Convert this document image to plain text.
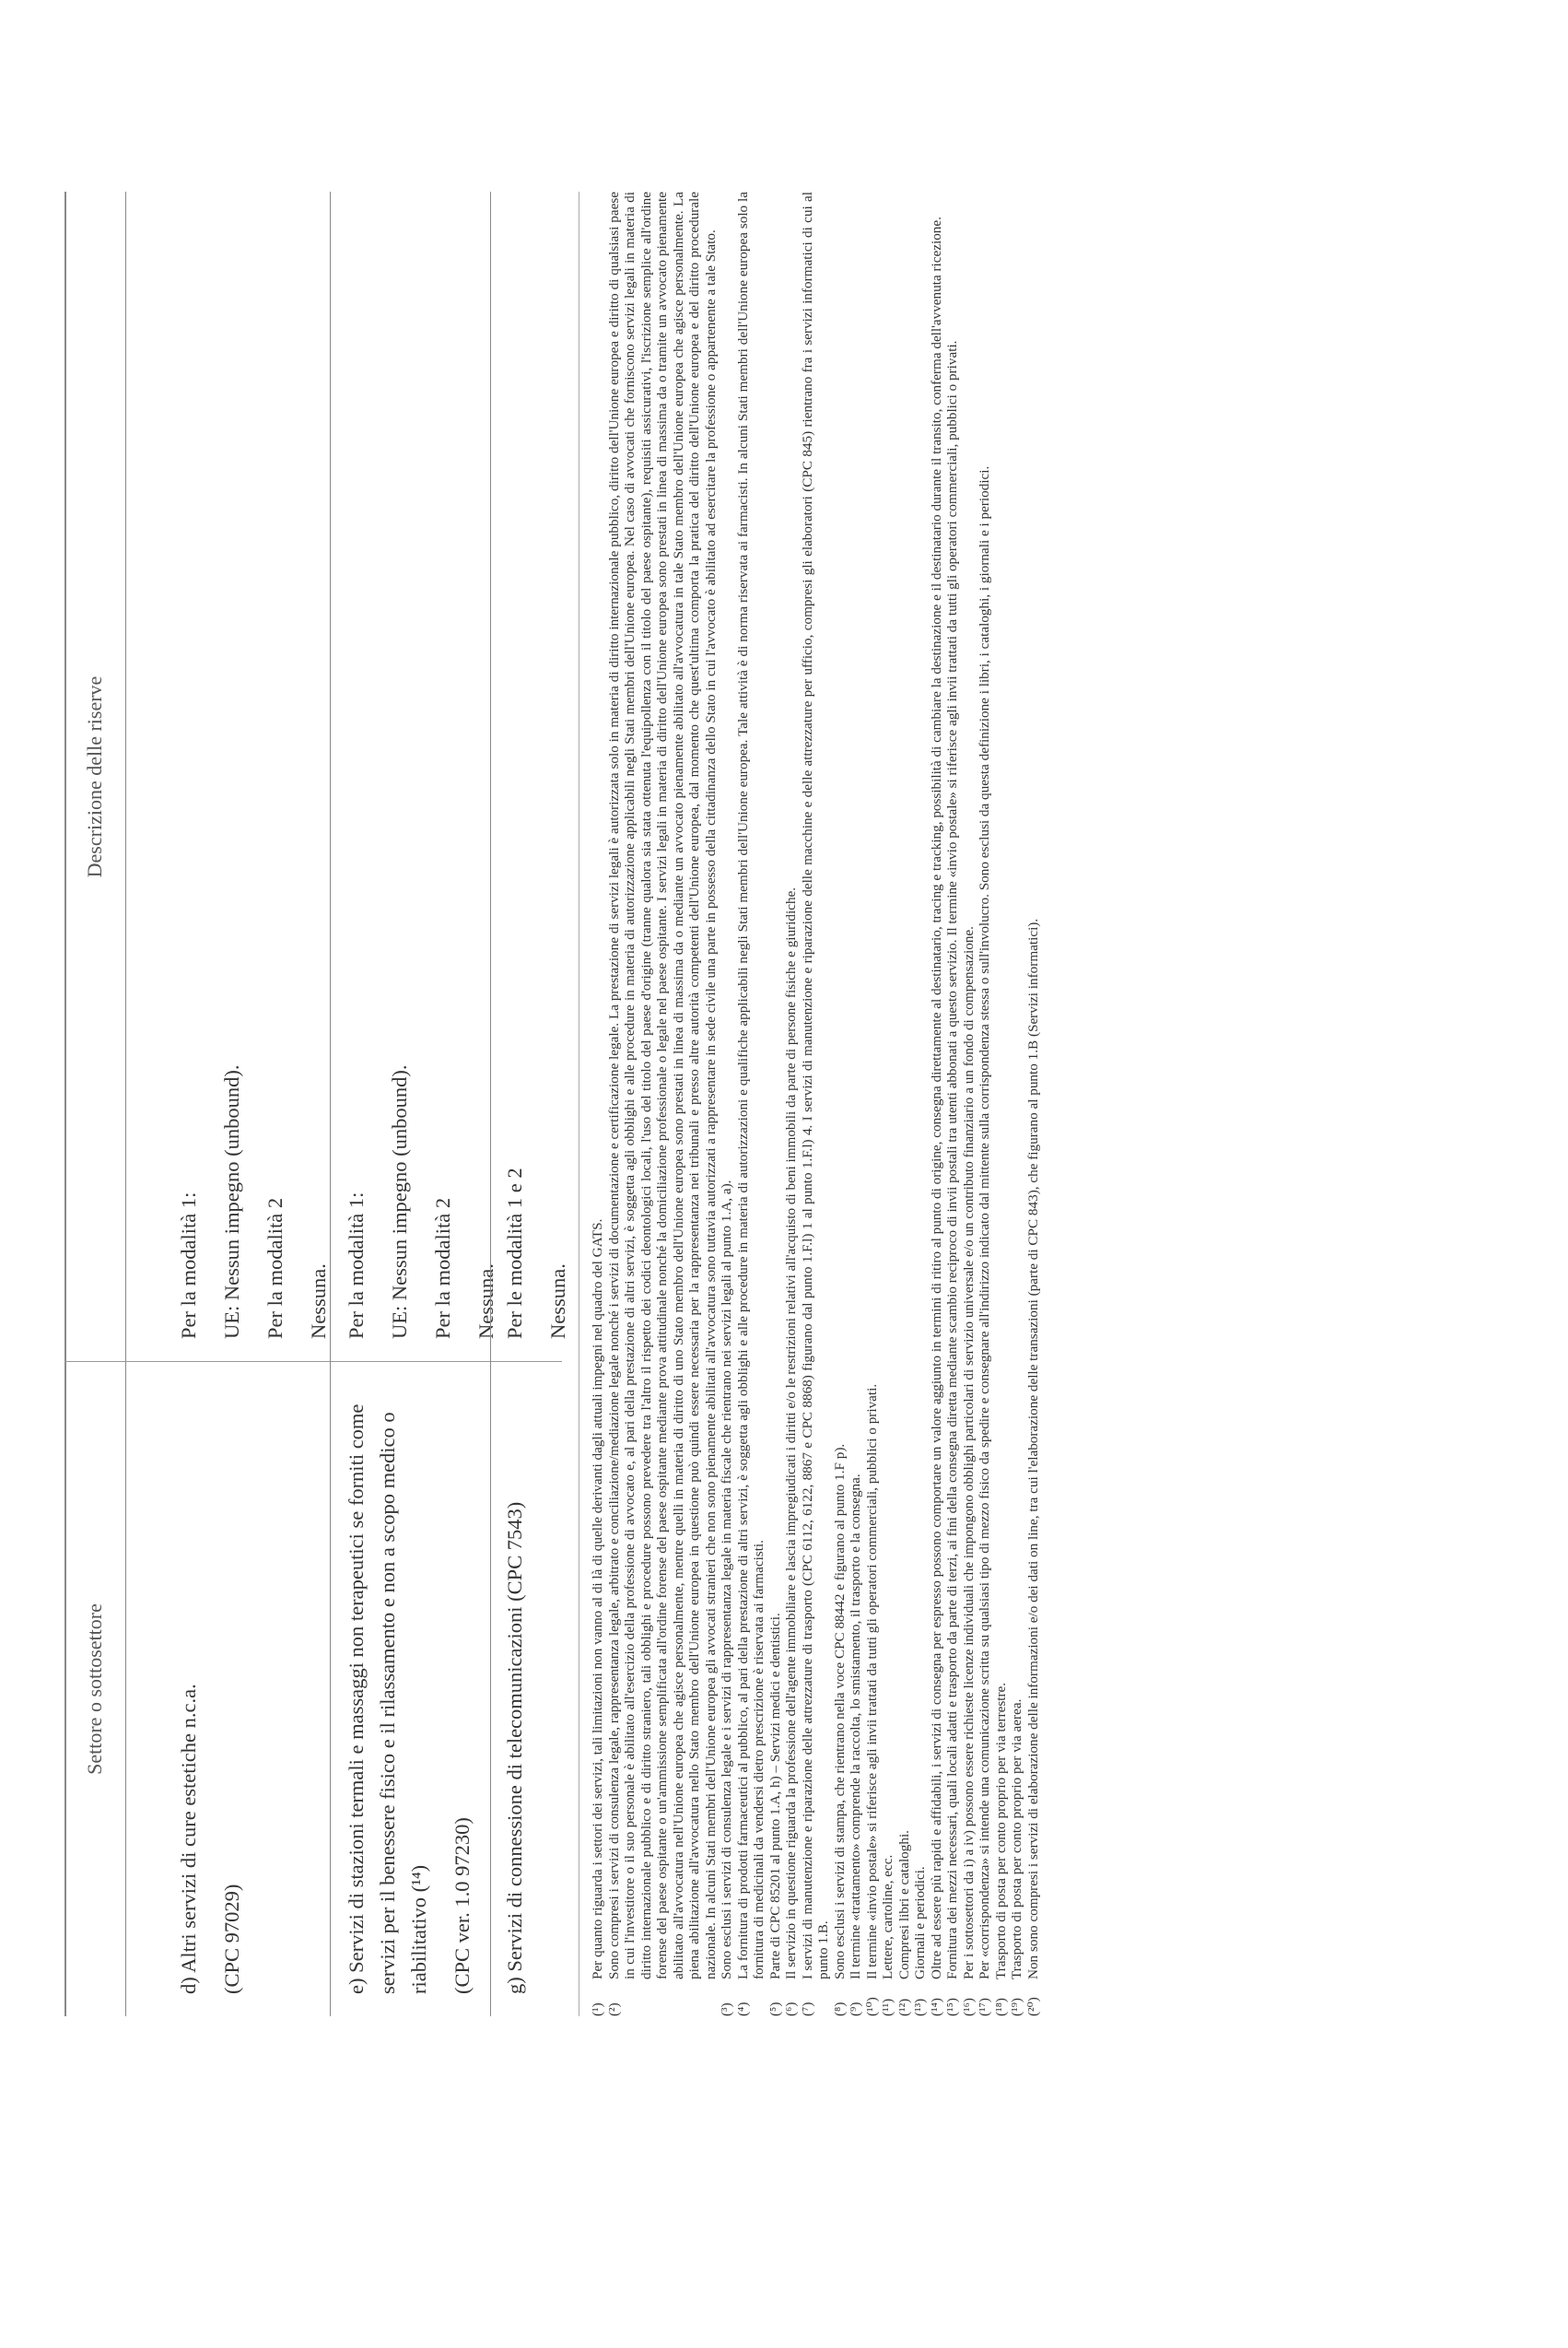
Settore o sottosettore
Descrizione delle riserve

d) Altri servizi di cure estetiche n.c.a. (CPC 97029)

Per la modalità 1: UE: Nessun impegno (unbound). Per la modalità 2 Nessuna.

e) Servizi di stazioni termali e massaggi non terapeutici se forniti come servizi per il benessere fisico e il rilassamento e non a scopo medico o riabilitativo (¹⁴) (CPC ver. 1.0 97230)

Per la modalità 1: UE: Nessun impegno (unbound). Per la modalità 2 Nessuna.

g) Servizi di connessione di telecomunicazioni (CPC 7543)

Per le modalità 1 e 2 Nessuna.

(¹)
Per quanto riguarda i settori dei servizi, tali limitazioni non vanno al di là di quelle derivanti dagli attuali impegni nel quadro del GATS.
(²)
Sono compresi i servizi di consulenza legale, rappresentanza legale, arbitrato e conciliazione/mediazione legale nonché i servizi di documentazione e certificazione legale. La prestazione di servizi legali è autorizzata solo in materia di diritto internazionale pubblico, diritto dell'Unione europea e diritto di qualsiasi paese in cui l'investitore o il suo personale è abilitato all'esercizio della professione di avvocato e, al pari della prestazione di altri servizi, è soggetta agli obblighi e alle procedure in materia di autorizzazione applicabili negli Stati membri dell'Unione europea. Nel caso di avvocati che forniscono servizi legali in materia di diritto internazionale pubblico e di diritto straniero, tali obblighi e procedure possono prevedere tra l'altro il rispetto dei codici deontologici locali, l'uso del titolo del paese d'origine (tranne qualora sia stata ottenuta l'equipollenza con il titolo del paese ospitante), requisiti assicurativi, l'iscrizione semplice all'ordine forense del paese ospitante o un'ammissione semplificata all'ordine forense del paese ospitante mediante prova attitudinale nonché la domiciliazione professionale o legale nel paese ospitante. I servizi legali in materia di diritto dell'Unione europea sono prestati in linea di massima da o tramite un avvocato pienamente abilitato all'avvocatura nell'Unione europea che agisce personalmente, mentre quelli in materia di diritto di uno Stato membro dell'Unione europea sono prestati in linea di massima da o mediante un avvocato pienamente abilitato all'avvocatura in tale Stato membro dell'Unione europea che agisce personalmente. La piena abilitazione all'avvocatura nello Stato membro dell'Unione europea in questione può quindi essere necessaria per la rappresentanza nei tribunali e presso altre autorità competenti dell'Unione europea, dal momento che quest'ultima comporta la pratica del diritto dell'Unione europea e del diritto procedurale nazionale. In alcuni Stati membri dell'Unione europea gli avvocati stranieri che non sono pienamente abilitati all'avvocatura sono tuttavia autorizzati a rappresentare in sede civile una parte in possesso della cittadinanza dello Stato in cui l'avvocato è abilitato ad esercitare la professione o appartenente a tale Stato.
(³)
Sono esclusi i servizi di consulenza legale e i servizi di rappresentanza legale in materia fiscale che rientrano nei servizi legali al punto 1.A, a).
(⁴)
La fornitura di prodotti farmaceutici al pubblico, al pari della prestazione di altri servizi, è soggetta agli obblighi e alle procedure in materia di autorizzazioni e qualifiche applicabili negli Stati membri dell'Unione europea. Tale attività è di norma riservata ai farmacisti. In alcuni Stati membri dell'Unione europea solo la fornitura di medicinali da vendersi dietro prescrizione è riservata ai farmacisti.
(⁵)
Parte di CPC 85201 al punto 1.A, h) – Servizi medici e dentistici.
(⁶)
Il servizio in questione riguarda la professione dell'agente immobiliare e lascia impregiudicati i diritti e/o le restrizioni relativi all'acquisto di beni immobili da parte di persone fisiche e giuridiche.
(⁷)
I servizi di manutenzione e riparazione delle attrezzature di trasporto (CPC 6112, 6122, 8867 e CPC 8868) figurano dal punto 1.F.l) 1 al punto 1.F.l) 4. I servizi di manutenzione e riparazione delle macchine e delle attrezzature per ufficio, compresi gli elaboratori (CPC 845) rientrano fra i servizi informatici di cui al punto 1.B.
(⁸)
Sono esclusi i servizi di stampa, che rientrano nella voce CPC 88442 e figurano al punto 1.F p).
(⁹)
Il termine «trattamento» comprende la raccolta, lo smistamento, il trasporto e la consegna.
(¹⁰)
Il termine «invio postale» si riferisce agli invii trattati da tutti gli operatori commerciali, pubblici o privati.
(¹¹)
Lettere, cartoline, ecc.
(¹²)
Compresi libri e cataloghi.
(¹³)
Giornali e periodici.
(¹⁴)
Oltre ad essere più rapidi e affidabili, i servizi di consegna per espresso possono comportare un valore aggiunto in termini di ritiro al punto di origine, consegna direttamente al destinatario, tracing e tracking, possibilità di cambiare la destinazione e il destinatario durante il transito, conferma dell'avvenuta ricezione.
(¹⁵)
Fornitura dei mezzi necessari, quali locali adatti e trasporto da parte di terzi, ai fini della consegna diretta mediante scambio reciproco di invii postali tra utenti abbonati a questo servizio. Il termine «invio postale» si riferisce agli invii trattati da tutti gli operatori commerciali, pubblici o privati.
(¹⁶)
Per i sottosettori da i) a iv) possono essere richieste licenze individuali che impongono obblighi particolari di servizio universale e/o un contributo finanziario a un fondo di compensazione.
(¹⁷)
Per «corrispondenza» si intende una comunicazione scritta su qualsiasi tipo di mezzo fisico da spedire e consegnare all'indirizzo indicato dal mittente sulla corrispondenza stessa o sull'involucro. Sono esclusi da questa definizione i libri, i cataloghi, i giornali e i periodici.
(¹⁸)
Trasporto di posta per conto proprio per via terrestre.
(¹⁹)
Trasporto di posta per conto proprio per via aerea.
(²⁰)
Non sono compresi i servizi di elaborazione delle informazioni e/o dei dati on line, tra cui l'elaborazione delle transazioni (parte di CPC 843), che figurano al punto 1.B (Servizi informatici).
